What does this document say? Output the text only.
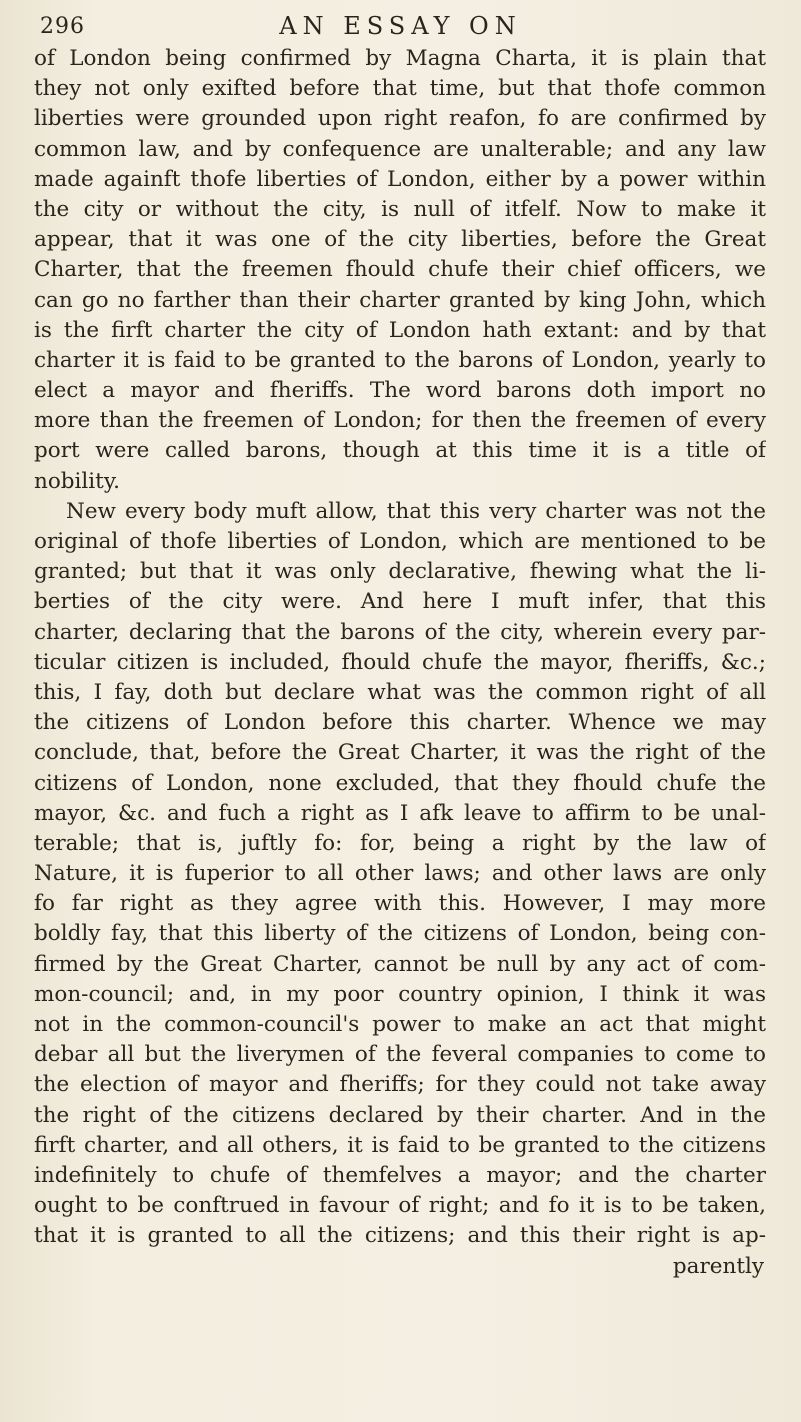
296	AN ESSAY ON
of London being confirmed by Magna Charta, it is plain that
they not only exifted before that time, but that thofe common
liberties were grounded upon right reafon, fo are confirmed by
common law, and by confequence are unalterable; and any law
made againft thofe liberties of London, either by a power within
the city or without the city, is null of itfelf. Now to make it
appear, that it was one of the city liberties, before the Great
Charter, that the freemen fhould chufe their chief officers, we
can go no farther than their charter granted by king John, which
is the firft charter the city of London hath extant: and by that
charter it is faid to be granted to the barons of London, yearly to
elect a mayor and fheriffs. The word barons doth import no
more than the freemen of London; for then the freemen of every
port were called barons, though at this time it is a title of
nobility.
New every body muft allow, that this very charter was not the
original of thofe liberties of London, which are mentioned to be
granted; but that it was only declarative, fhewing what the li-
berties of the city were. And here I muft infer, that this
charter, declaring that the barons of the city, wherein every par-
ticular citizen is included, fhould chufe the mayor, fheriffs, &c.;
this, I fay, doth but declare what was the common right of all
the citizens of London before this charter. Whence we may
conclude, that, before the Great Charter, it was the right of the
citizens of London, none excluded, that they fhould chufe the
mayor, &c. and fuch a right as I afk leave to affirm to be unal-
terable; that is, juftly fo: for, being a right by the law of
Nature, it is fuperior to all other laws; and other laws are only
fo far right as they agree with this. However, I may more
boldly fay, that this liberty of the citizens of London, being con-
firmed by the Great Charter, cannot be null by any act of com-
mon-council; and, in my poor country opinion, I think it was
not in the common-council's power to make an act that might
debar all but the liverymen of the feveral companies to come to
the election of mayor and fheriffs; for they could not take away
the right of the citizens declared by their charter. And in the
firft charter, and all others, it is faid to be granted to the citizens
indefinitely to chufe of themfelves a mayor; and the charter
ought to be conftrued in favour of right; and fo it is to be taken,
that it is granted to all the citizens; and this their right is ap-
parently
